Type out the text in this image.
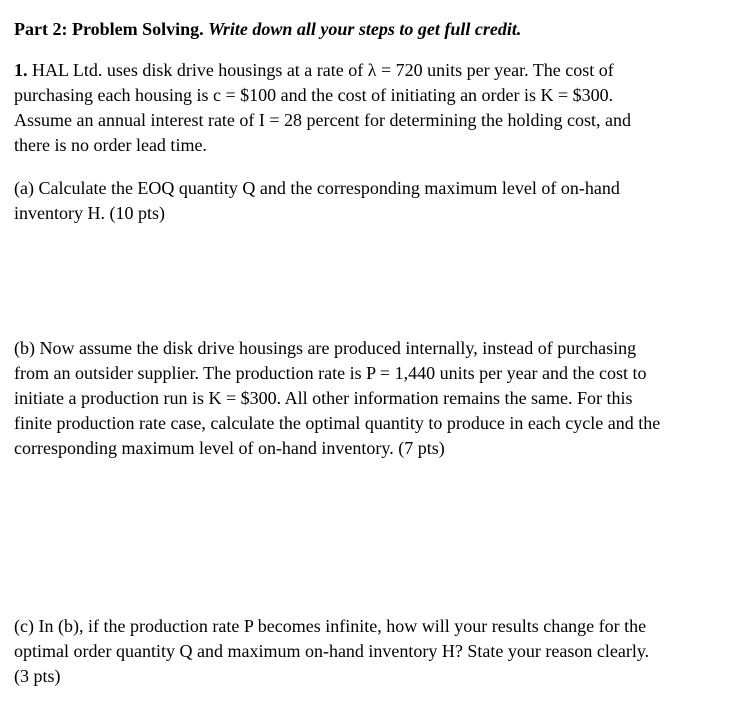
Part 2: Problem Solving. Write down all your steps to get full credit.

1. HAL Ltd. uses disk drive housings at a rate of λ = 720 units per year. The cost of
purchasing each housing is c = $100 and the cost of initiating an order is K = $300.
Assume an annual interest rate of I = 28 percent for determining the holding cost, and
there is no order lead time.
(a) Calculate the EOQ quantity Q and the corresponding maximum level of on-hand
inventory H. (10 pts)
(b) Now assume the disk drive housings are produced internally, instead of purchasing
from an outsider supplier. The production rate is P = 1,440 units per year and the cost to
initiate a production run is K = $300. All other information remains the same. For this
finite production rate case, calculate the optimal quantity to produce in each cycle and the
corresponding maximum level of on-hand inventory. (7 pts)
(c) In (b), if the production rate P becomes infinite, how will your results change for the
optimal order quantity Q and maximum on-hand inventory H? State your reason clearly.
(3 pts)
